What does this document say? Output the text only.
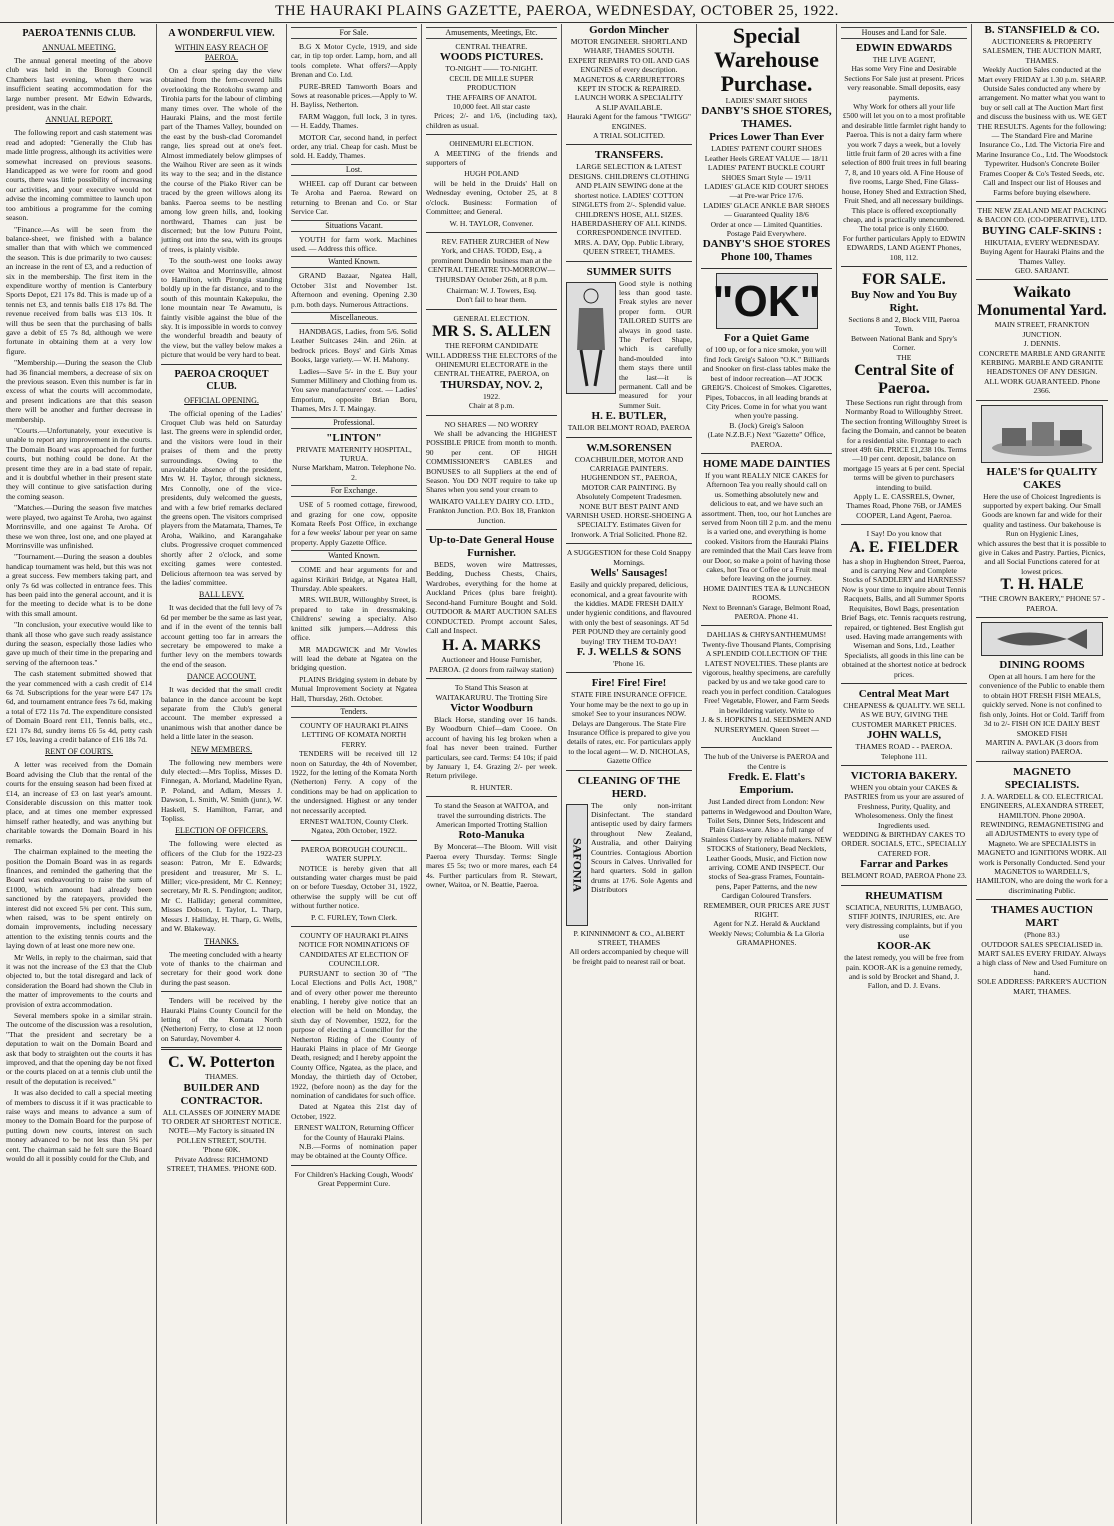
THE HAURAKI PLAINS GAZETTE, PAEROA, WEDNESDAY, OCTOBER 25, 1922.
PAEROA TENNIS CLUB.
ANNUAL MEETING.

The annual general meeting of the above club was held in the Borough Council Chambers last evening, when there was insufficient seating accommodation for the large number present. Mr Edwin Edwards, president, was in the chair.

ANNUAL REPORT.

The following report and cash statement was read and adopted: "Generally the Club has made little progress, although its activities were somewhat increased on previous seasons. Handicapped as we were for room and good courts, there was little possibility of increasing our activities, and your executive would not advise the incoming committee to launch upon too ambitious a programme for the coming season.

"Finance.—As will be seen from the balance-sheet, we finished with a balance smaller than that with which we commenced the season. This is due primarily to two causes: an increase in the rent of £3, and a reduction of six in the membership. The first item in the expenditure worthy of mention is Canterbury Sports Depot, £21 17s 8d. This is made up of a tennis net £3, and tennis balls £18 17s 8d. The revenue received from balls was £13 10s. It will thus be seen that the purchasing of balls gave a debit of £5 7s 8d, although we were fortunate in obtaining them at a very low figure.

"Membership.—During the season the Club had 36 financial members, a decrease of six on the previous season. Even this number is far in excess of what the courts will accommodate, and present indications are that this season there will be another and further decrease in membership.

"Courts.—Unfortunately, your executive is unable to report any improvement in the courts. The Domain Board was approached for further courts, but nothing could be done. At the present time they are in a bad state of repair, and it is doubtful whether in their present state they will continue to give satisfaction during the coming season.

"Matches.—During the season five matches were played, two against Te Aroha, two against Morrinsville, and one against Te Aroha. Of these we won three, lost one, and one played at Morrinsville was unfinished.

"Tournament.—During the season a doubles handicap tournament was held, but this was not a great success. Few members taking part, and only 7s 6d was collected in entrance fees. This has been paid into the general account, and it is for the meeting to decide what is to be done with this small amount.

"In conclusion, your executive would like to thank all those who gave such ready assistance during the season, especially those ladies who gave up much of their time in the preparing and serving of the afternoon teas."

The cash statement submitted showed that the year commenced with a cash credit of £14 6s 7d. Subscriptions for the year were £47 17s 6d, and tournament entrance fees 7s 6d, making a total of £72 11s 7d. The expenditure consisted of Domain Board rent £11, Tennis balls, etc., £21 17s 8d, sundry items £6 5s 4d, petty cash £7 10s, leaving a credit balance of £16 18s 7d.

RENT OF COURTS.

A letter was received from the Domain Board advising the Club that the rental of the courts for the ensuing season had been fixed at £14, an increase of £3 on last year's amount. Considerable discussion on this matter took place, and at times one member expressed himself rather heatedly, and was anything but charitable towards the Domain Board in his remarks.

The chairman explained to the meeting the position the Domain Board was in as regards finances, and reminded the gathering that the Board was endeavouring to raise the sum of £1000, which amount had already been sanctioned by the ratepayers, provided the interest did not exceed 5¾ per cent. This sum, when raised, was to be spent entirely on domain improvements, including necessary attention to the existing tennis courts and the laying down of at least one more new one.

Mr Wells, in reply to the chairman, said that it was not the increase of the £3 that the Club objected to, but the total disregard and lack of consideration the Board had shown the Club in the matter of improvements to the courts and provision of extra accommodation.

Several members spoke in a similar strain. The outcome of the discussion was a resolution, "That the president and secretary be a deputation to wait on the Domain Board and ask that body to straighten out the courts it has improved, and that the opening day be not fixed or the courts placed on at a tennis club until the result of the deputation is received."

It was also decided to call a special meeting of members to discuss it if it was practicable to raise ways and means to advance a sum of money to the Domain Board for the purpose of putting down new courts, interest on such money advanced to be not less than 5¾ per cent. The chairman said he felt sure the Board would do all it possibly could for the Club, and

A WONDERFUL VIEW.
WITHIN EASY REACH OF PAEROA.

On a clear spring day the view obtained from the fern-covered hills overlooking the Rotokohu swamp and Tirohia parts for the labour of climbing many times over. The whole of the Hauraki Plains, and the most fertile part of the Thames Valley, bounded on the east by the bush-clad Coromandel range, lies spread out at one's feet. Almost immediately below glimpses of the Waihou River are seen as it winds its way to the sea; and in the distance the course of the Piako River can be traced by the green willows along its banks. Paeroa seems to be nestling among low green hills, and, looking northward, Thames can just be discerned; but the low Puturu Point, jutting out into the sea, with its groups of trees, is plainly visible.

To the south-west one looks away over Waitoa and Morrinsville, almost to Hamilton, with Pirongia standing boldly up in the far distance, and to the south of this mountain Kakepuku, the lone mountain near Te Awamutu, is faintly visible against the blue of the sky. It is impossible in words to convey the wonderful breadth and beauty of the view, but the valley below makes a picture that would be very hard to beat.

PAEROA CROQUET CLUB.
OFFICIAL OPENING.

The official opening of the Ladies' Croquet Club was held on Saturday last. The greens were in splendid order, and the visitors were loud in their praises of them and the pretty surroundings. Owing to the unavoidable absence of the president, Mrs W. H. Taylor, through sickness, Mrs Connolly, one of the vice-presidents, duly welcomed the guests, and with a few brief remarks declared the greens open. The visitors comprised players from the Matamata, Thames, Te Aroha, Waikino, and Karangahake clubs. Progressive croquet commenced shortly after 2 o'clock, and some exciting games were contested. Delicious afternoon tea was served by the ladies' committee.

BALL LEVY.

It was decided that the full levy of 7s 6d per member be the same as last year, and if in the event of the tennis ball account getting too far in arrears the secretary be empowered to make a further levy on the members towards the end of the season.

DANCE ACCOUNT.

It was decided that the small credit balance in the dance account be kept separate from the Club's general account. The member expressed a unanimous wish that another dance be held a little later in the season.

NEW MEMBERS.

The following new members were duly elected:—Mrs Topliss, Misses D. Finnegan, A. Morland, Madeline Ryan, P. Poland, and Adlam, Messrs J. Dawson, L. Smith, W. Smith (junr.), W. Haskell, S. Hamilton, Farrar, and Topliss.

ELECTION OF OFFICERS.

The following were elected as officers of the Club for the 1922-23 season: Patron, Mr E. Edwards; president and treasurer, Mr S. L. Miller; vice-president, Mr C. Kenney; secretary, Mr R. S. Pendington; auditor, Mr C. Halliday; general committee, Misses Dobson, I. Taylor, L. Tharp, Messrs J. Halliday, H. Tharp, G. Wells, and W. Blakeway.

THANKS.

The meeting concluded with a hearty vote of thanks to the chairman and secretary for their good work done during the past season.

Tenders will be received by the Hauraki Plains County Council for the letting of the Komata North (Netherton) Ferry, to close at 12 noon on Saturday, November 4.

C. W. Potterton
THAMES.
BUILDER AND CONTRACTOR.
ALL CLASSES OF JOINERY MADE TO ORDER AT SHORTEST NOTICE.
NOTE—My Factory is situated IN POLLEN STREET, SOUTH.
'Phone 60K.
Private Address: RICHMOND STREET, THAMES. 'PHONE 60D.
For Sale.

B.G X Motor Cycle, 1919, and side car, in tip top order. Lamp, horn, and all tools complete. What offers?—Apply Brenan and Co. Ltd.

PURE-BRED Tamworth Boars and Sows at reasonable prices.—Apply to W. H. Bayliss, Netherton.

FARM Waggon, full lock, 3 in tyres.— H. Eaddy, Thames.

MOTOR Car, second hand, in perfect order, any trial. Cheap for cash. Must be sold. H. Eaddy, Thames.

Lost.

WHEEL cap off Durant car between Te Aroha and Paeroa. Reward on returning to Brenan and Co. or Star Service Car.

Situations Vacant.

YOUTH for farm work. Machines used. — Address this office.

Wanted Known.

GRAND Bazaar, Ngatea Hall, October 31st and November 1st. Afternoon and evening. Opening 2.30 p.m. both days. Numerous Attractions.

Miscellaneous.

HANDBAGS, Ladies, from 5/6. Solid Leather Suitcases 24in. and 26in. at bedrock prices. Boys' and Girls Xmas Books, large variety.— W. H. Mahony.

Ladies—Save 5/- in the £. Buy your Summer Millinery and Clothing from us. You save manufacturers' cost. — Ladies' Emporium, opposite Brian Boru, Thames, Mrs J. T. Maingay.

Professional.
"LINTON"
PRIVATE MATERNITY HOSPITAL, TURUA.
Nurse Markham, Matron. Telephone No. 2.
For Exchange.

USE of 5 roomed cottage, firewood, and grazing for one cow, opposite Komata Reefs Post Office, in exchange for a few weeks' labour per year on same property. Apply Gazette Office.

Wanted Known.

COME and hear arguments for and against Kirikiri Bridge, at Ngatea Hall, Thursday. Able speakers.

MRS. WILBUR, Willoughby Street, is prepared to take in dressmaking. Childrens' sewing a specialty. Also knitted silk jumpers.—Address this office.

MR MADGWICK and Mr Vowles will lead the debate at Ngatea on the bridging question.

PLAINS Bridging system in debate by Mutual Improvement Society at Ngatea Hall, Thursday, 26th. October.

Tenders.
COUNTY OF HAURAKI PLAINS
LETTING OF KOMATA NORTH FERRY.

TENDERS will be received till 12 noon on Saturday, the 4th of November, 1922, for the letting of the Komata North (Netherton) Ferry. A copy of the conditions may be had on application to the undersigned. Highest or any tender not necessarily accepted.

ERNEST WALTON, County Clerk.
Ngatea, 20th October, 1922.
PAEROA BOROUGH COUNCIL.
WATER SUPPLY.

NOTICE is hereby given that all outstanding water charges must be paid on or before Tuesday, October 31, 1922, otherwise the supply will be cut off without further notice.

P. C. FURLEY, Town Clerk.
COUNTY OF HAURAKI PLAINS
NOTICE FOR NOMINATIONS OF CANDIDATES AT ELECTION OF COUNCILLOR.

PURSUANT to section 30 of "The Local Elections and Polls Act, 1908," and of every other power me thereunto enabling, I hereby give notice that an election will be held on Monday, the sixth day of November, 1922, for the purpose of electing a Councillor for the Netherton Riding of the County of Hauraki Plains in place of Mr George Death, resigned; and I hereby appoint the County Office, Ngatea, as the place, and Monday, the thirtieth day of October, 1922, (before noon) as the day for the nomination of candidates for such office.

Dated at Ngatea this 21st day of October, 1922.

ERNEST WALTON, Returning Officer for the County of Hauraki Plains.

N.B.—Forms of nomination paper may be obtained at the County Office.

For Children's Hacking Cough, Woods' Great Peppermint Cure.
Amusements, Meetings, Etc.
CENTRAL THEATRE.
WOODS PICTURES.
TO-NIGHT —— TO-NIGHT.
CECIL DE MILLE SUPER PRODUCTION
THE AFFAIRS OF ANATOL
10,000 feet. All star caste

Prices; 2/- and 1/6, (including tax), children as usual.

OHINEMURI ELECTION.

A MEETING of the friends and supporters of

HUGH POLAND

will be held in the Druids' Hall on Wednesday evening, October 25, at 8 o'clock. Business: Formation of Committee; and General.

W. H. TAYLOR, Convener.

REV. FATHER ZURCHER of New York, and CHAS. TODD, Esq., a prominent Dunedin business man at the CENTRAL THEATRE TO-MORROW—THURSDAY October 26th, at 8 p.m.

Chairman: W. J. Towers, Esq.
Don't fail to hear them.
GENERAL ELECTION.
MR S. S. ALLEN
THE REFORM CANDIDATE
WILL ADDRESS THE ELECTORS of the OHINEMURI ELECTORATE in the CENTRAL THEATRE, PAEROA, on
THURSDAY, NOV. 2,
1922.
Chair at 8 p.m.
NO SHARES — NO WORRY

We shall be advancing the HIGHEST POSSIBLE PRICE from month to month. 90 per cent. OF HIGH COMMISSIONER'S CABLES and BONUSES to all Suppliers at the end of Season. You DO NOT require to take up Shares when you send your cream to

WAIKATO VALLEY DAIRY CO. LTD.,
Frankton Junction. P.O. Box 18, Frankton Junction.
Up-to-Date General House Furnisher.

BEDS, woven wire Mattresses, Bedding, Duchess Chests, Chairs, Wardrobes, everything for the home at Auckland Prices (plus bare freight). Second-hand Furniture Bought and Sold. OUTDOOR & MART AUCTION SALES CONDUCTED. Prompt account Sales, Call and Inspect.

H. A. MARKS
Auctioneer and House Furnisher, PAEROA. (2 doors from railway station)
To Stand This Season at WAITAKARURU. The Trotting Sire
Victor Woodburn

Black Horse, standing over 16 hands. By Woodburn Chief—dam Cooee. On account of having his leg broken when a foal has never been trained. Further particulars, see card. Terms: £4 10s; if paid by January 1, £4. Grazing 2/- per week. Return privilege.

R. HUNTER.
To stand the Season at WAITOA, and travel the surrounding districts. The American Imported Trotting Stallion
Roto-Manuka

By Moncerat—The Bloom. Will visit Paeroa every Thursday. Terms: Single mares £5 5s; two or more mares, each £4 4s. Further particulars from R. Stewart, owner, Waitoa, or N. Beattie, Paeroa.

Gordon Mincher
MOTOR ENGINEER. SHORTLAND WHARF, THAMES SOUTH.
EXPERT REPAIRS TO OIL AND GAS ENGINES of every description.
MAGNETOS & CARBURETTORS KEPT IN STOCK & REPAIRED.
LAUNCH WORK A SPECIALITY
A SLIP AVAILABLE.
Hauraki Agent for the famous "TWIGG" ENGINES.
A TRIAL SOLICITED.
TRANSFERS.
LARGE SELECTION & LATEST DESIGNS. CHILDREN'S CLOTHING AND PLAIN SEWING done at the shortest notice. LADIES' COTTON SINGLETS from 2/-. Splendid value. CHILDREN'S HOSE, ALL SIZES. HABERDASHERY OF ALL KINDS. CORRESPONDENCE INVITED.
MRS. A. DAY, Opp. Public Library, QUEEN STREET, THAMES.
SUMMER SUITS
Good style is nothing less than good taste. Freak styles are never proper form. OUR TAILORED SUITS are always in good taste. The Perfect Shape, which is carefully hand-moulded into them stays there until the last—it is permanent. Call and be measured for your Summer Suit.
H. E. BUTLER,
TAILOR BELMONT ROAD, PAEROA
W.M.SORENSEN
COACHBUILDER, MOTOR AND CARRIAGE PAINTERS. HUGHENDON ST., PAEROA,
MOTOR CAR PAINTING. By Absolutely Competent Tradesmen. NONE BUT BEST PAINT AND VARNISH USED. HORSE-SHOEING A SPECIALTY. Estimates Given for Ironwork. A Trial Solicited. Phone 82.
A SUGGESTION for these Cold Snappy Mornings.
Wells' Sausages!
Easily and quickly prepared, delicious, economical, and a great favourite with the kiddies. MADE FRESH DAILY under hygienic conditions, and flavoured with only the best of seasonings. AT 5d PER POUND they are certainly good buying! TRY THEM TO-DAY!
F. J. WELLS & SONS
'Phone 16.
Fire! Fire! Fire!
STATE FIRE INSURANCE OFFICE. Your home may be the next to go up in smoke! See to your insurances NOW. Delays are Dangerous. The State Fire Insurance Office is prepared to give you details of rates, etc. For particulars apply to the local agent— W. D. NICHOLAS, Gazette Office
CLEANING OF THE HERD.
SAFONIA
The only non-irritant Disinfectant. The standard antiseptic used by dairy farmers throughout New Zealand, Australia, and other Dairying Countries. Contagious Abortion Scours in Calves. Unrivalled for hard quarters. Sold in gallon drums at 17/6. Sole Agents and Distributors
P. KINNINMONT & CO., ALBERT STREET, THAMES
All orders accompanied by cheque will be freight paid to nearest rail or boat.
Special Warehouse Purchase.
LADIES' SMART SHOES
DANBY'S SHOE STORES, THAMES.
Prices Lower Than Ever
LADIES' PATENT COURT SHOES Leather Heels GREAT VALUE — 18/11
LADIES' PATENT BUCKLE COURT SHOES Smart Style — 19/11
LADIES' GLACE KID COURT SHOES—at Pre-war Price 17/6.
LADIES' GLACE ANKLE BAR SHOES — Guaranteed Quality 18/6
Order at once — Limited Quantities.
Postage Paid Everywhere.
DANBY'S SHOE STORES Phone 100, Thames
"OK"
For a Quiet Game
of 100 up, or for a nice smoke, you will find Jock Greig's Saloon "O.K." Billiards and Snooker on first-class tables make the best of indoor recreation—AT JOCK GREIG'S. Choicest of Smokes. Cigarettes, Pipes, Tobaccos, in all leading brands at City Prices. Come in for what you want when you're passing.
B. (Jock) Greig's Saloon
(Late N.Z.B.F.) Next "Gazette" Office, PAEROA.
HOME MADE DAINTIES
If you want REALLY NICE CAKES for Afternoon Tea you really should call on us. Something absolutely new and delicious to eat, and we have such an assortment. Then, too, our hot Lunches are served from Noon till 2 p.m. and the menu is a varied one, and everything is home cooked. Visitors from the Hauraki Plains are reminded that the Mail Cars leave from our Door, so make a point of having those cakes, hot Tea or Coffee or a Fruit meal before leaving on the journey.
HOME DAINTIES TEA & LUNCHEON ROOMS.
Next to Brennan's Garage, Belmont Road, PAEROA. Phone 41.
DAHLIAS & CHRYSANTHEMUMS!
Twenty-five Thousand Plants, Comprising A SPLENDID COLLECTION OF THE LATEST NOVELTIES. These plants are vigorous, healthy specimens, are carefully packed by us and we take good care to reach you in perfect condition. Catalogues Free! Vegetable, Flower, and Farm Seeds in bewildering variety. Write to
J. & S. HOPKINS Ltd. SEEDSMEN AND NURSERYMEN. Queen Street — Auckland
The hub of the Universe is PAEROA and the Centre is
Fredk. E. Flatt's Emporium.
Just Landed direct from London: New patterns in Wedgewood and Doulton Ware, Toilet Sets, Dinner Sets, Iridescent and Plain Glass-ware. Also a full range of Stainless Cutlery by reliable makers. NEW STOCKS of Stationery, Bead Necklets, Leather Goods, Music, and Fiction now arriving. COME AND INSPECT. Our stocks of Sea-grass Frames, Fountain-pens, Paper Patterns, and the new Cardigan Coloured Transfers.
REMEMBER, OUR PRICES ARE JUST RIGHT.
Agent for N.Z. Herald & Auckland Weekly News; Columbia & La Gloria GRAMAPHONES.
Houses and Land for Sale.
EDWIN EDWARDS
THE LIVE AGENT,
Has some Very Fine and Desirable Sections For Sale just at present. Prices very reasonable. Small deposits, easy payments.
Why Work for others all your life
£500 will let you on to a most profitable and desirable little farmlet right handy to Paeroa. This is not a dairy farm where you work 7 days a week, but a lovely little fruit farm of 20 acres with a fine selection of 800 fruit trees in full bearing 7, 8, and 10 years old. A Fine House of five rooms, Large Shed, Fine Glass-house, Honey Shed and Extraction Shed, Fruit Shed, and all necessary buildings. This place is offered exceptionally cheap, and is practically unencumbered.
The total price is only £1600.
For further particulars Apply to EDWIN EDWARDS, LAND AGENT Phones, 108, 112.
FOR SALE.
Buy Now and You Buy Right.
Sections 8 and 2, Block VIII, Paeroa Town.
Between National Bank and Spry's Corner.
THE
Central Site of Paeroa.
These Sections run right through from Normanby Road to Willoughby Street. The section fronting Willoughby Street is facing the Domain, and cannot be beaten for a residential site. Frontage to each street 49ft 6in. PRICE £1,238 10s. Terms—10 per cent. deposit, balance on mortgage 15 years at 6 per cent. Special terms will be given to purchasers intending to build.
Apply L. E. CASSRELS, Owner, Thames Road, Phone 76B, or JAMES COOPER, Land Agent, Paeroa.
I Say! Do you know that
A. E. FIELDER
has a shop in Hughendon Street, Paeroa, and is carrying New and Complete Stocks of SADDLERY and HARNESS? Now is your time to inquire about Tennis Racquets, Balls, and all Summer Sports Requisites, Bowl Bags, presentation Brief Bags, etc. Tennis racquets restrung, repaired, or tightened. Best English gut used. Having made arrangements with Wiseman and Sons, Ltd., Leather Specialists, all goods in this line can be obtained at the shortest notice at bedrock prices.
Central Meat Mart
CHEAPNESS & QUALITY. WE SELL AS WE BUY, GIVING THE CUSTOMER MARKET PRICES.
JOHN WALLS,
THAMES ROAD - - PAEROA. Telephone 111.
VICTORIA BAKERY.
WHEN you obtain your CAKES & PASTRIES from us your are assured of Freshness, Purity, Quality, and Wholesomeness. Only the finest Ingredients used.
WEDDING & BIRTHDAY CAKES TO ORDER. SOCIALS, ETC., SPECIALLY CATERED FOR.
Farrar and Parkes
BELMONT ROAD, PAEROA Phone 23.
RHEUMATISM
SCIATICA, NEURITIS, LUMBAGO, STIFF JOINTS, INJURIES, etc. Are very distressing complaints, but if you use
KOOR-AK
the latest remedy, you will be free from pain. KOOR-AK is a genuine remedy, and is sold by Brocket and Shand, J. Fallon, and D. J. Evans.
B. STANSFIELD & CO.
AUCTIONEERS & PROPERTY SALESMEN, THE AUCTION MART, THAMES.
Weekly Auction Sales conducted at the Mart every FRIDAY at 1.30 p.m. SHARP. Outside Sales conducted any where by arrangement. No matter what you want to buy or sell call at The Auction Mart first and discuss the business with us. WE GET THE RESULTS. Agents for the following:— The Standard Fire and Marine Insurance Co., Ltd. The Victoria Fire and Marine Insurance Co., Ltd. The Woodstock Typewriter. Hudson's Concrete Boiler Frames Cooper & Co's Tested Seeds, etc. Call and Inspect our list of Houses and Farms before buying elsewhere.
THE NEW ZEALAND MEAT PACKING & BACON CO. (CO-OPERATIVE), LTD.
BUYING CALF-SKINS :
HIKUTAIA, EVERY WEDNESDAY.
Buying Agent for Hauraki Plains and the Thames Valley.
GEO. SARJANT.
Waikato Monumental Yard.
MAIN STREET, FRANKTON JUNCTION.
J. DENNIS.
CONCRETE MARBLE AND GRANITE KERBING. MARBLE AND GRANITE HEADSTONES OF ANY DESIGN.
ALL WORK GUARANTEED. Phone 2366.
HALE'S for QUALITY CAKES
Here the use of Choicest Ingredients is supported by expert baking. Our Small Goods are known far and wide for their quality and tastiness. Our bakehouse is
Run on Hygienic Lines,
which assures the best that it is possible to give in Cakes and Pastry. Parties, Picnics, and all Social Functions catered for at lowest prices.
T. H. HALE
"THE CROWN BAKERY," PHONE 57 - PAEROA.
DINING ROOMS
Open at all hours. I am here for the convenience of the Public to enable them to obtain HOT FRESH FISH MEALS, quickly served. None is not confined to fish only, Joints. Hot or Cold. Tariff from 3d to 2/- FISH ON ICE DAILY BEST SMOKED FISH
MARTIN A. PAVLAK (3 doors from railway station) PAEROA.
MAGNETO SPECIALISTS.
J. A. WARDELL & CO. ELECTRICAL ENGINEERS, ALEXANDRA STREET, HAMILTON. Phone 2090A.
REWINDING, REMAGNETISING and all ADJUSTMENTS to every type of Magneto. We are SPECIALISTS in MAGNETO and IGNITIONS WORK. All work is Personally Conducted. Send your MAGNETOS to WARDELL'S, HAMILTON, who are doing the work for a discriminating Public.
THAMES AUCTION MART
(Phone 83.)
OUTDOOR SALES SPECIALISED in. MART SALES EVERY FRIDAY. Always a high class of New and Used Furniture on hand.
SOLE ADDRESS: PARKER'S AUCTION MART, THAMES.
